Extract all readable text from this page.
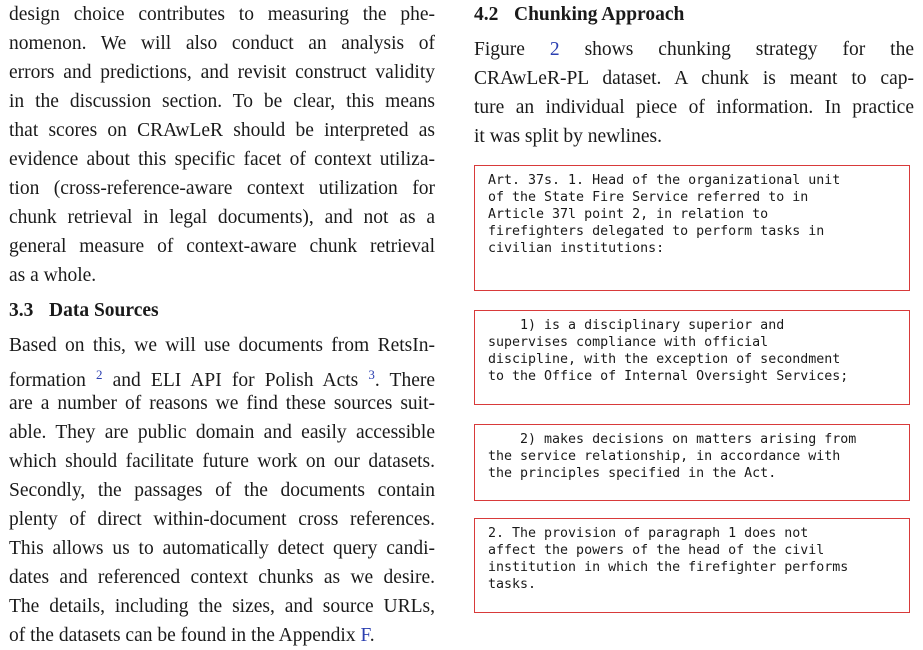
design choice contributes to measuring the phe-
nomenon. We will also conduct an analysis of
errors and predictions, and revisit construct validity
in the discussion section. To be clear, this means
that scores on CRAwLeR should be interpreted as
evidence about this specific facet of context utiliza-
tion (cross-reference-aware context utilization for
chunk retrieval in legal documents), and not as a
general measure of context-aware chunk retrieval
as a whole.
3.3 Data Sources
Based on this, we will use documents from RetsIn-
formation $^2$ and ELI API for Polish Acts $^3$. There
are a number of reasons we find these sources suit-
able. They are public domain and easily accessible
which should facilitate future work on our datasets.
Secondly, the passages of the documents contain
plenty of direct within-document cross references.
This allows us to automatically detect query candi-
dates and referenced context chunks as we desire.
The details, including the sizes, and source URLs,
of the datasets can be found in the Appendix F.
4.2 Chunking Approach
Figure 2 shows chunking strategy for the
CRAwLeR-PL dataset. A chunk is meant to cap-
ture an individual piece of information. In practice
it was split by newlines.
Art. 37s. 1. Head of the organizational unit
of the State Fire Service referred to in
Article 37l point 2, in relation to
firefighters delegated to perform tasks in
civilian institutions:
1) is a disciplinary superior and
supervises compliance with official
discipline, with the exception of secondment
to the Office of Internal Oversight Services;
2) makes decisions on matters arising from
the service relationship, in accordance with
the principles specified in the Act.
2. The provision of paragraph 1 does not
affect the powers of the head of the civil
institution in which the firefighter performs
tasks.
